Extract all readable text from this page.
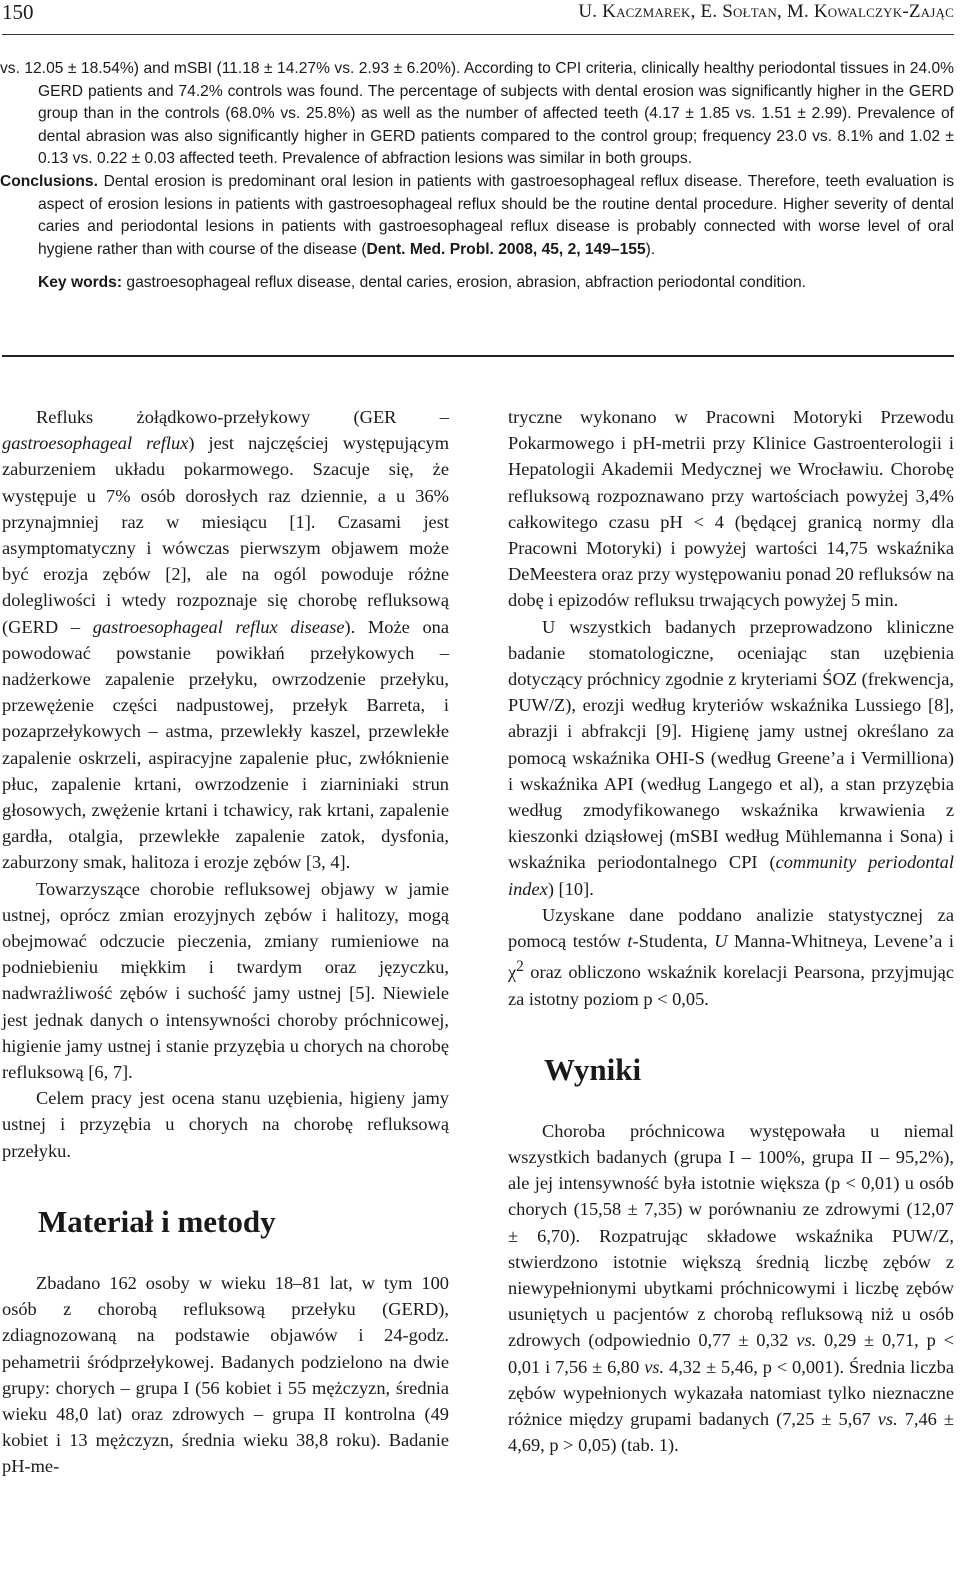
150	U. Kaczmarek, E. Sołtan, M. Kowalczyk-Zając

vs. 12.05 ± 18.54%) and mSBI (11.18 ± 14.27% vs. 2.93 ± 6.20%). According to CPI criteria, clinically healthy periodontal tissues in 24.0% GERD patients and 74.2% controls was found. The percentage of subjects with dental erosion was significantly higher in the GERD group than in the controls (68.0% vs. 25.8%) as well as the number of affected teeth (4.17 ± 1.85 vs. 1.51 ± 2.99). Prevalence of dental abrasion was also significantly higher in GERD patients compared to the control group; frequency 23.0 vs. 8.1% and 1.02 ± 0.13 vs. 0.22 ± 0.03 affected teeth. Prevalence of abfraction lesions was similar in both groups.

Conclusions. Dental erosion is predominant oral lesion in patients with gastroesophageal reflux disease. Therefore, teeth evaluation is aspect of erosion lesions in patients with gastroesophageal reflux should be the routine dental procedure. Higher severity of dental caries and periodontal lesions in patients with gastroesophageal reflux disease is probably connected with worse level of oral hygiene rather than with course of the disease (Dent. Med. Probl. 2008, 45, 2, 149–155).

Key words: gastroesophageal reflux disease, dental caries, erosion, abrasion, abfraction periodontal condition.

Refluks żołądkowo-przełykowy (GER – gastroesophageal reflux) jest najczęściej występującym zaburzeniem układu pokarmowego. Szacuje się, że występuje u 7% osób dorosłych raz dziennie, a u 36% przynajmniej raz w miesiącu [1]. Czasami jest asymptomatyczny i wówczas pierwszym objawem może być erozja zębów [2], ale na ogól powoduje różne dolegliwości i wtedy rozpoznaje się chorobę refluksową (GERD – gastroesophageal reflux disease). Może ona powodować powstanie powikłań przełykowych – nadżerkowe zapalenie przełyku, owrzodzenie przełyku, przewężenie części nadpustowej, przełyk Barreta, i pozaprzełykowych – astma, przewlekły kaszel, przewlekłe zapalenie oskrzeli, aspiracyjne zapalenie płuc, zwłóknienie płuc, zapalenie krtani, owrzodzenie i ziarniniaki strun głosowych, zwężenie krtani i tchawicy, rak krtani, zapalenie gardła, otalgia, przewlekłe zapalenie zatok, dysfonia, zaburzony smak, halitoza i erozje zębów [3, 4].

Towarzyszące chorobie refluksowej objawy w jamie ustnej, oprócz zmian erozyjnych zębów i halitozy, mogą obejmować odczucie pieczenia, zmiany rumieniowe na podniebieniu miękkim i twardym oraz języczku, nadwrażliwość zębów i suchość jamy ustnej [5]. Niewiele jest jednak danych o intensywności choroby próchnicowej, higienie jamy ustnej i stanie przyzębia u chorych na chorobę refluksową [6, 7].

Celem pracy jest ocena stanu uzębienia, higieny jamy ustnej i przyzębia u chorych na chorobę refluksową przełyku.

Materiał i metody

Zbadano 162 osoby w wieku 18–81 lat, w tym 100 osób z chorobą refluksową przełyku (GERD), zdiagnozowaną na podstawie objawów i 24-godz. pehametrii śródprzełykowej. Badanych podzielono na dwie grupy: chorych – grupa I (56 kobiet i 55 mężczyzn, średnia wieku 48,0 lat) oraz zdrowych – grupa II kontrolna (49 kobiet i 13 mężczyzn, średnia wieku 38,8 roku). Badanie pH-me-

tryczne wykonano w Pracowni Motoryki Przewodu Pokarmowego i pH-metrii przy Klinice Gastroenterologii i Hepatologii Akademii Medycznej we Wrocławiu. Chorobę refluksową rozpoznawano przy wartościach powyżej 3,4% całkowitego czasu pH < 4 (będącej granicą normy dla Pracowni Motoryki) i powyżej wartości 14,75 wskaźnika DeMeestera oraz przy występowaniu ponad 20 refluksów na dobę i epizodów refluksu trwających powyżej 5 min.

U wszystkich badanych przeprowadzono kliniczne badanie stomatologiczne, oceniając stan uzębienia dotyczący próchnicy zgodnie z kryteriami ŚOZ (frekwencja, PUW/Z), erozji według kryteriów wskaźnika Lussiego [8], abrazji i abfrakcji [9]. Higienę jamy ustnej określano za pomocą wskaźnika OHI-S (według Greene’a i Vermilliona) i wskaźnika API (według Langego et al), a stan przyzębia według zmodyfikowanego wskaźnika krwawienia z kieszonki dziąsłowej (mSBI według Mühlemanna i Sona) i wskaźnika periodontalnego CPI (community periodontal index) [10].

Uzyskane dane poddano analizie statystycznej za pomocą testów t-Studenta, U Manna-Whitneya, Levene’a i $\chi^2$ oraz obliczono wskaźnik korelacji Pearsona, przyjmując za istotny poziom p < 0,05.

Wyniki

Choroba próchnicowa występowała u niemal wszystkich badanych (grupa I – 100%, grupa II – 95,2%), ale jej intensywność była istotnie większa (p < 0,01) u osób chorych (15,58 ± 7,35) w porównaniu ze zdrowymi (12,07 ± 6,70). Rozpatrując składowe wskaźnika PUW/Z, stwierdzono istotnie większą średnią liczbę zębów z niewypełnionymi ubytkami próchnicowymi i liczbę zębów usuniętych u pacjentów z chorobą refluksową niż u osób zdrowych (odpowiednio 0,77 ± 0,32 vs. 0,29 ± 0,71, p < 0,01 i 7,56 ± 6,80 vs. 4,32 ± 5,46, p < 0,001). Średnia liczba zębów wypełnionych wykazała natomiast tylko nieznaczne różnice między grupami badanych (7,25 ± 5,67 vs. 7,46 ± 4,69, p > 0,05) (tab. 1).
